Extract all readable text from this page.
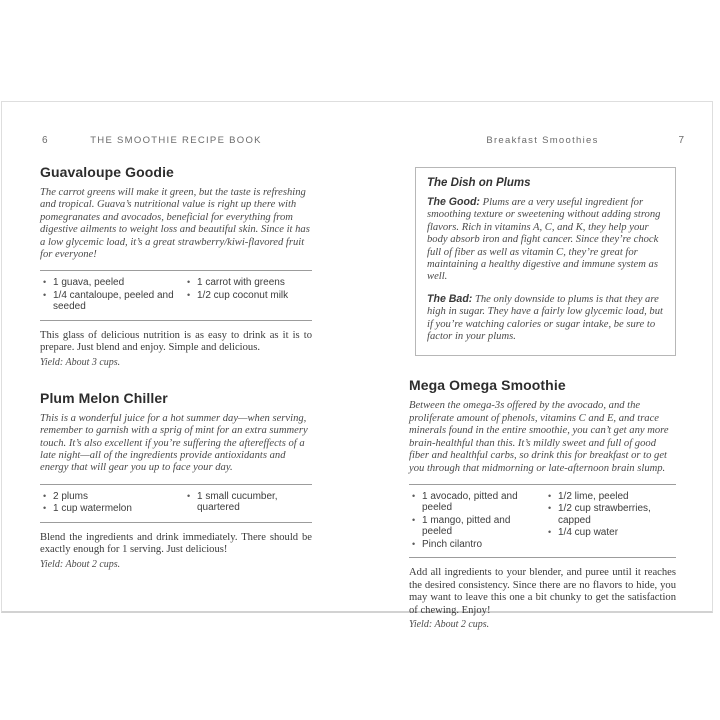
6	THE SMOOTHIE RECIPE BOOK
Guavaloupe Goodie

The carrot greens will make it green, but the taste is refreshing and tropical. Guava’s nutritional value is right up there with pomegranates and avocados, beneficial for everything from digestive ailments to weight loss and beautiful skin. Since it has a low glycemic load, it’s a great strawberry/kiwi-flavored fruit for everyone!

• 1 guava, peeled
• 1/4 cantaloupe, peeled and seeded
• 1 carrot with greens
• 1/2 cup coconut milk

This glass of delicious nutrition is as easy to drink as it is to prepare. Just blend and enjoy. Simple and delicious.

Yield: About 3 cups.

Plum Melon Chiller

This is a wonderful juice for a hot summer day—when serving, remember to garnish with a sprig of mint for an extra summery touch. It’s also excellent if you’re suffering the aftereffects of a late night—all of the ingredients provide antioxidants and energy that will gear you up to face your day.

• 2 plums
• 1 cup watermelon
• 1 small cucumber, quartered

Blend the ingredients and drink immediately. There should be exactly enough for 1 serving. Just delicious!

Yield: About 2 cups.

Breakfast Smoothies	7
The Dish on Plums

The Good: Plums are a very useful ingredient for smoothing texture or sweetening without adding strong flavors. Rich in vitamins A, C, and K, they help your body absorb iron and fight cancer. Since they’re chock full of fiber as well as vitamin C, they’re great for maintaining a healthy digestive and immune system as well.

The Bad: The only downside to plums is that they are high in sugar. They have a fairly low glycemic load, but if you’re watching calories or sugar intake, be sure to factor in your plums.

Mega Omega Smoothie

Between the omega-3s offered by the avocado, and the proliferate amount of phenols, vitamins C and E, and trace minerals found in the entire smoothie, you can’t get any more brain-healthful than this. It’s mildly sweet and full of good fiber and healthful carbs, so drink this for breakfast or to get you through that midmorning or late-afternoon brain slump.

• 1 avocado, pitted and peeled
• 1 mango, pitted and peeled
• Pinch cilantro
• 1/2 lime, peeled
• 1/2 cup strawberries, capped
• 1/4 cup water

Add all ingredients to your blender, and puree until it reaches the desired consistency. Since there are no flavors to hide, you may want to leave this one a bit chunky to get the satisfaction of chewing. Enjoy!

Yield: About 2 cups.
